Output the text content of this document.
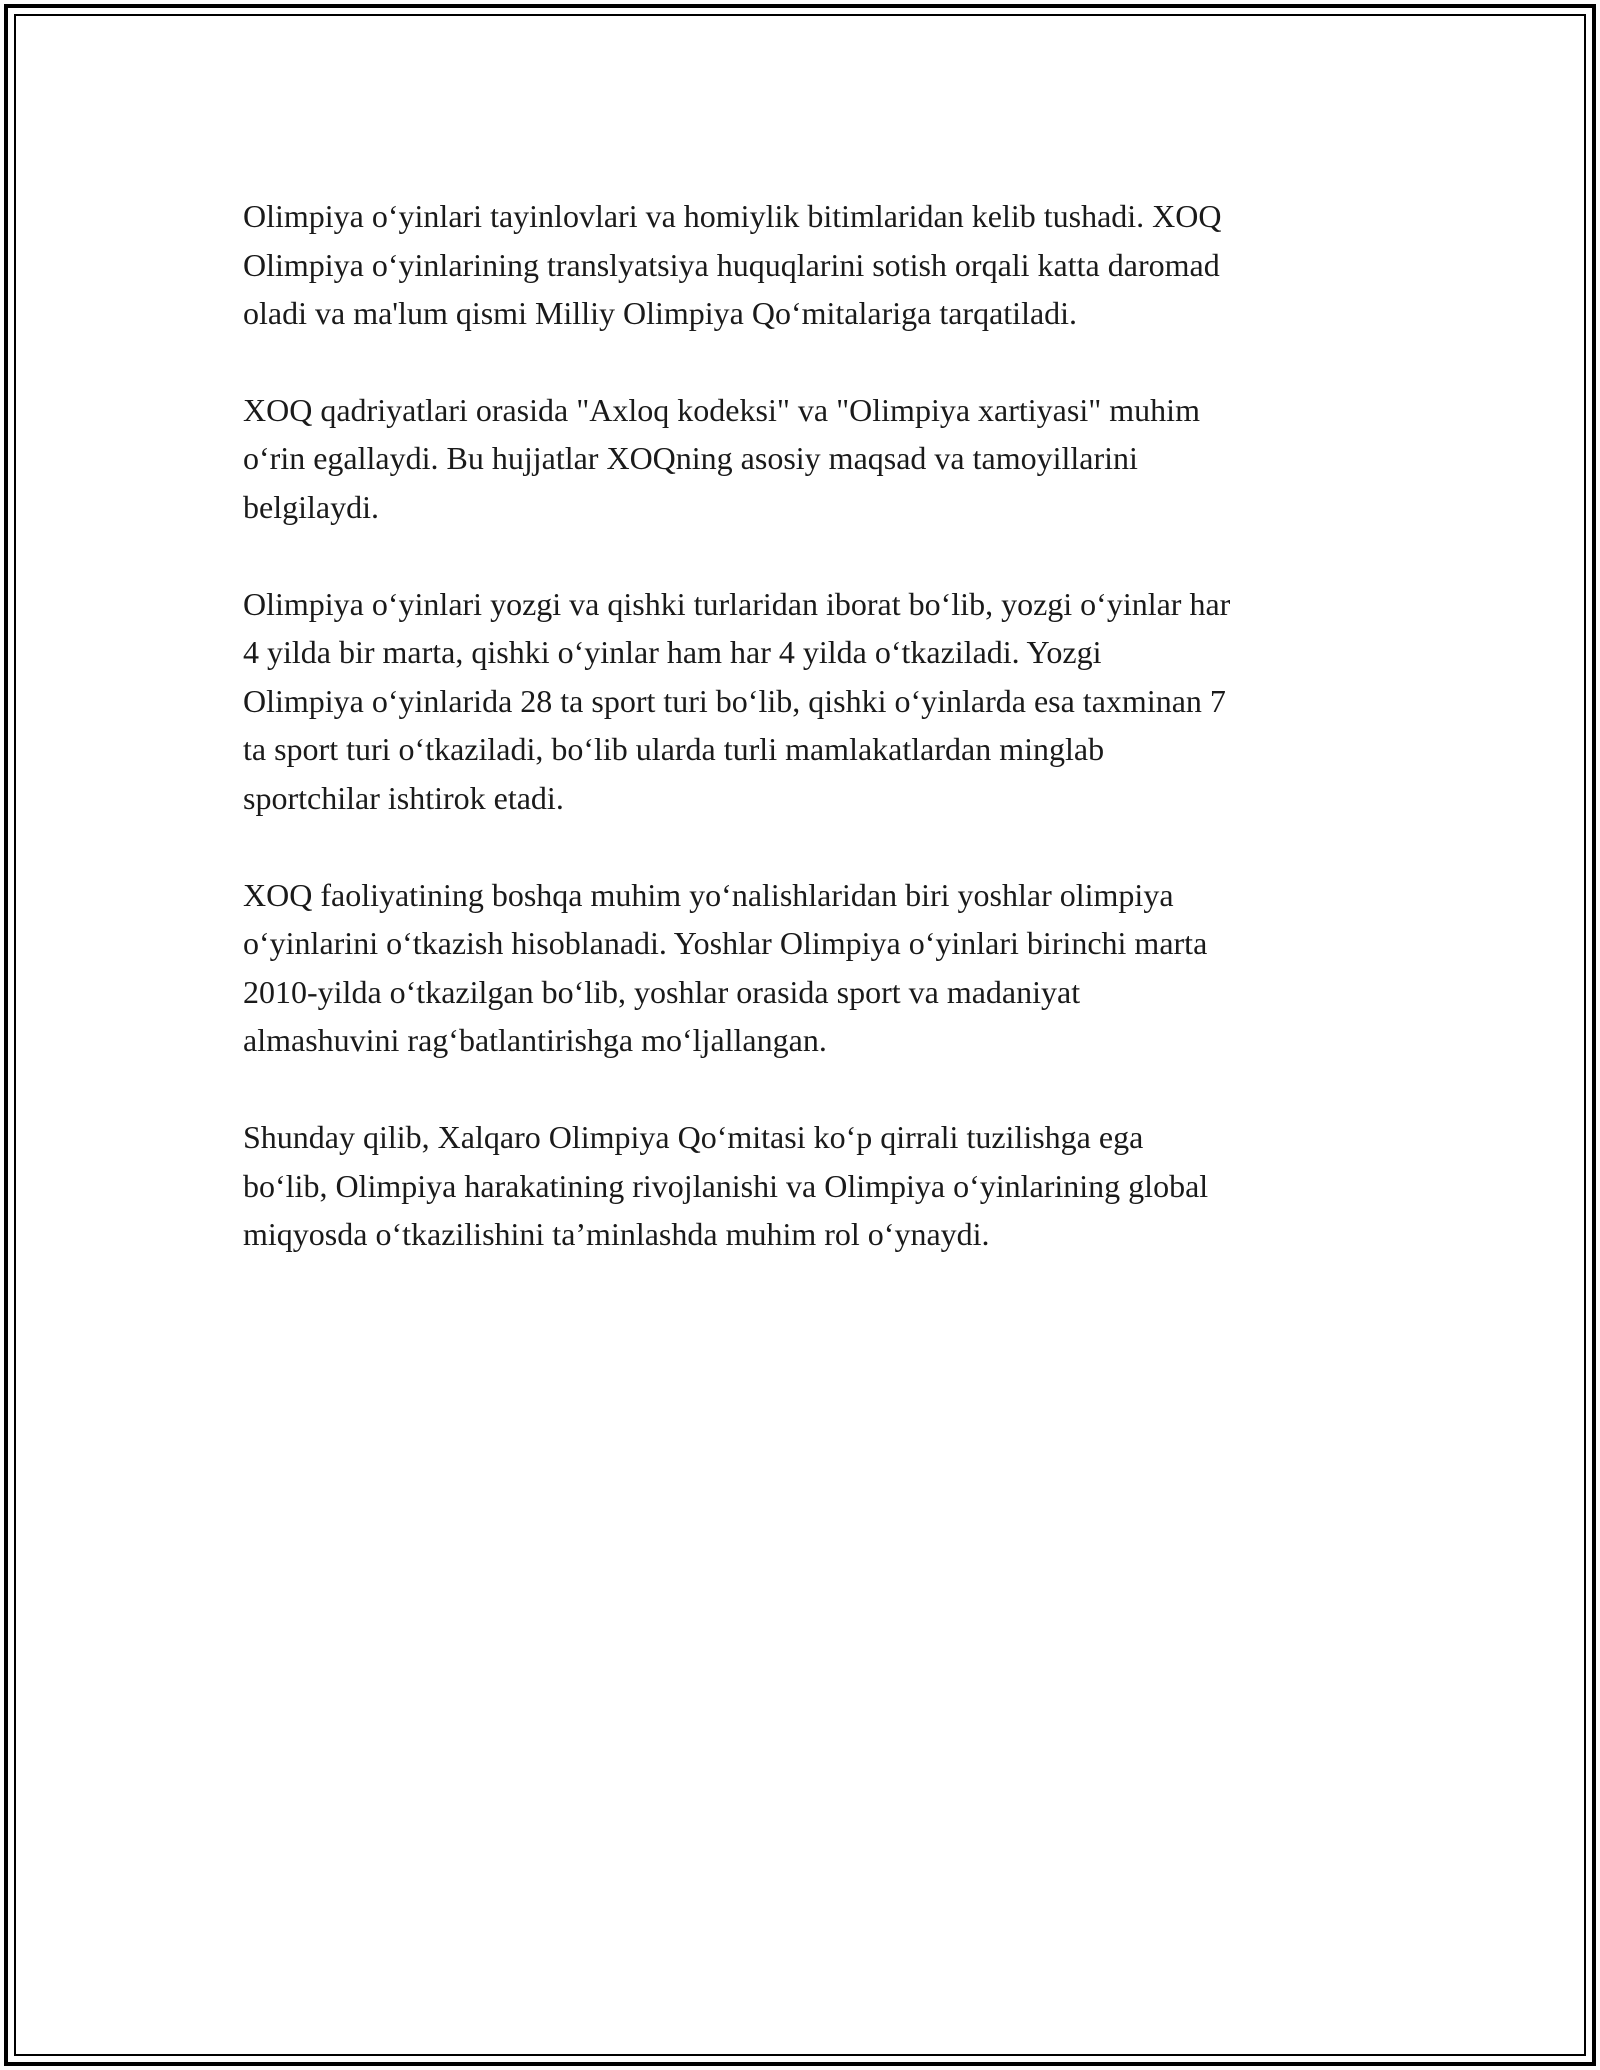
Olimpiya oʻyinlari tayinlovlari va homiylik bitimlaridan kelib tushadi. XOQ
Olimpiya oʻyinlarining translyatsiya huquqlarini sotish orqali katta daromad
oladi va ma'lum qismi Milliy Olimpiya Qoʻmitalariga tarqatiladi.

XOQ qadriyatlari orasida "Axloq kodeksi" va "Olimpiya xartiyasi" muhim
oʻrin egallaydi. Bu hujjatlar XOQning asosiy maqsad va tamoyillarini
belgilaydi.

Olimpiya oʻyinlari yozgi va qishki turlaridan iborat boʻlib, yozgi oʻyinlar har
4 yilda bir marta, qishki oʻyinlar ham har 4 yilda oʻtkaziladi. Yozgi
Olimpiya oʻyinlarida 28 ta sport turi boʻlib, qishki oʻyinlarda esa taxminan 7
ta sport turi oʻtkaziladi, boʻlib ularda turli mamlakatlardan minglab
sportchilar ishtirok etadi.

XOQ faoliyatining boshqa muhim yoʻnalishlaridan biri yoshlar olimpiya
oʻyinlarini oʻtkazish hisoblanadi. Yoshlar Olimpiya oʻyinlari birinchi marta
2010-yilda oʻtkazilgan boʻlib, yoshlar orasida sport va madaniyat
almashuvini ragʻbatlantirishga moʻljallangan.

Shunday qilib, Xalqaro Olimpiya Qoʻmitasi koʻp qirrali tuzilishga ega
boʻlib, Olimpiya harakatining rivojlanishi va Olimpiya oʻyinlarining global
miqyosda oʻtkazilishini ta’minlashda muhim rol oʻynaydi.
